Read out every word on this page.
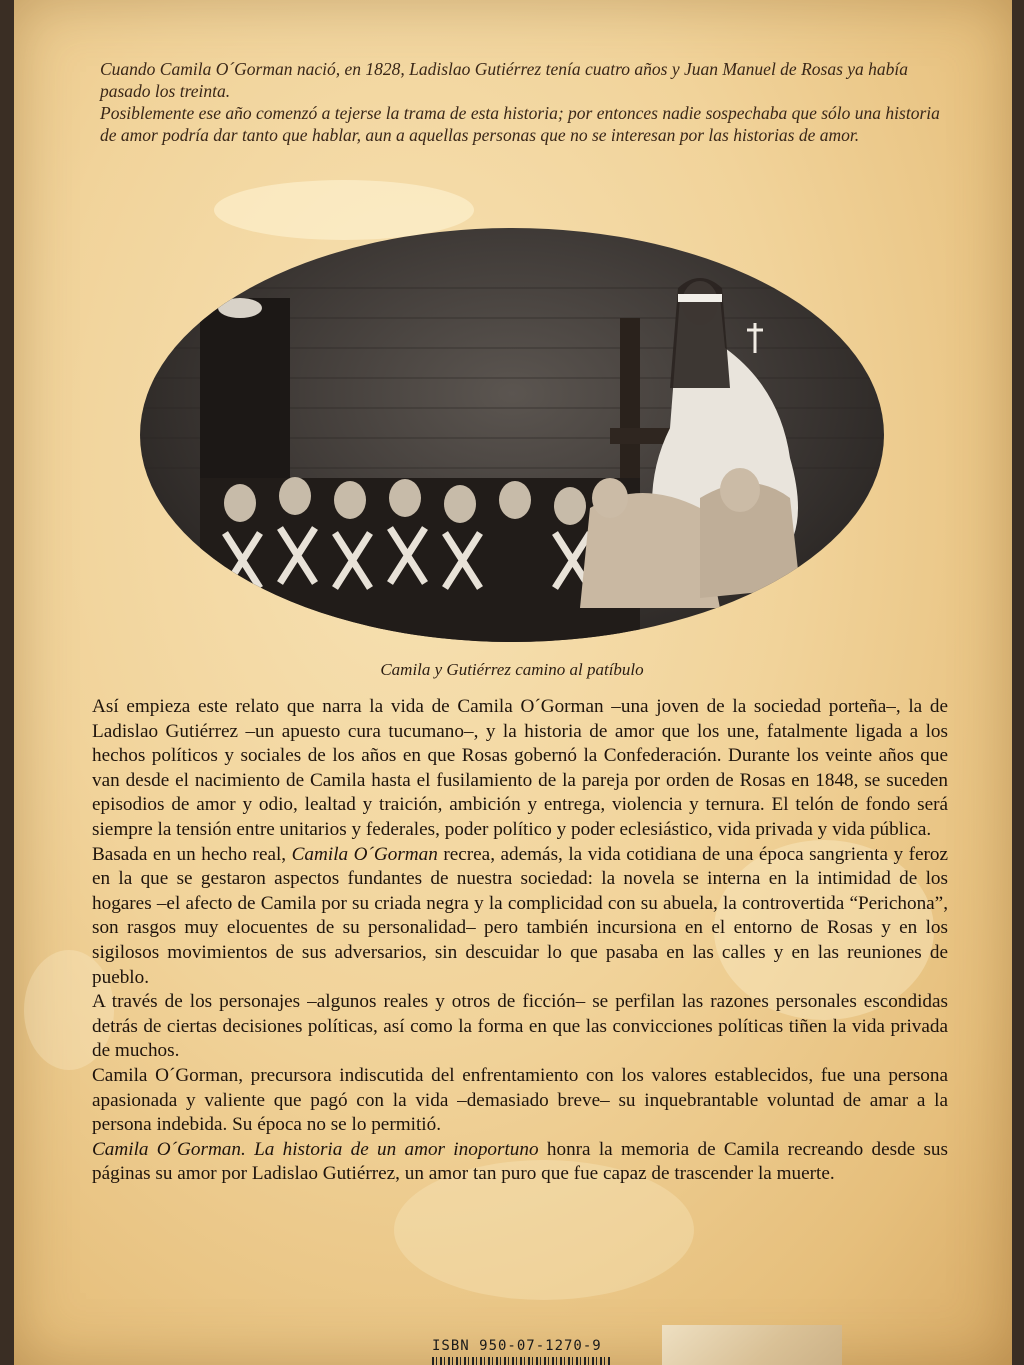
Cuando Camila O´Gorman nació, en 1828, Ladislao Gutiérrez tenía cuatro años y Juan Manuel de Rosas ya había pasado los treinta.

Posiblemente ese año comenzó a tejerse la trama de esta historia; por entonces nadie sospechaba que sólo una historia de amor podría dar tanto que hablar, aun a aquellas personas que no se interesan por las historias de amor.

Camila y Gutiérrez camino al patíbulo

Así empieza este relato que narra la vida de Camila O´Gorman –una joven de la sociedad porteña–, la de Ladislao Gutiérrez –un apuesto cura tucumano–, y la historia de amor que los une, fatalmente ligada a los hechos políticos y sociales de los años en que Rosas gobernó la Confederación. Durante los veinte años que van desde el nacimiento de Camila hasta el fusilamiento de la pareja por orden de Rosas en 1848, se suceden episodios de amor y odio, lealtad y traición, ambición y entrega, violencia y ternura. El telón de fondo será siempre la tensión entre unitarios y federales, poder político y poder eclesiástico, vida privada y vida pública.

Basada en un hecho real, Camila O´Gorman recrea, además, la vida cotidiana de una época sangrienta y feroz en la que se gestaron aspectos fundantes de nuestra sociedad: la novela se interna en la intimidad de los hogares –el afecto de Camila por su criada negra y la complicidad con su abuela, la controvertida “Perichona”, son rasgos muy elocuentes de su personalidad– pero también incursiona en el entorno de Rosas y en los sigilosos movimientos de sus adversarios, sin descuidar lo que pasaba en las calles y en las reuniones de pueblo.

A través de los personajes –algunos reales y otros de ficción– se perfilan las razones personales escondidas detrás de ciertas decisiones políticas, así como la forma en que las convicciones políticas tiñen la vida privada de muchos.

Camila O´Gorman, precursora indiscutida del enfrentamiento con los valores establecidos, fue una persona apasionada y valiente que pagó con la vida –demasiado breve– su inquebrantable voluntad de amar a la persona indebida. Su época no se lo permitió.

Camila O´Gorman. La historia de un amor inoportuno honra la memoria de Camila recreando desde sus páginas su amor por Ladislao Gutiérrez, un amor tan puro que fue capaz de trascender la muerte.

ISBN 950-07-1270-9
